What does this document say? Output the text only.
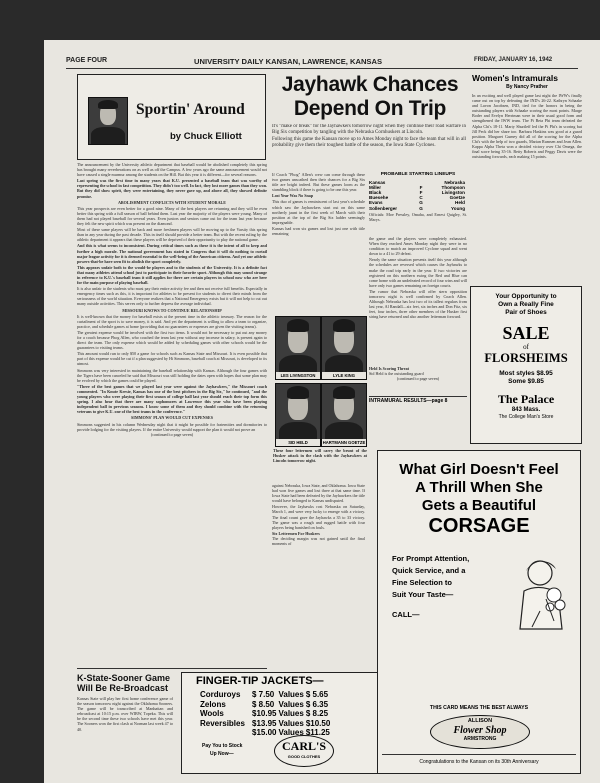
PAGE FOUR	UNIVERSITY DAILY KANSAN, LAWRENCE, KANSAS	FRIDAY, JANUARY 16, 1942
Sportin' Around
by Chuck Elliott

The announcement by the University athletic department that baseball would be abolished completely this spring has brought many reverberations on as well as off the Campus. A few years ago the same announcement would not have caused a single murmur among the students on the Hill. But this year it is different—for several reasons.

Last spring was the first time in many years that K.U. presented a baseball team that was worthy of representing the school in fast competition. They didn't too well. In fact, they lost more games than they won. But they did show spirit, they were entertaining, they never gave up, and above all, they showed definite promise.

ABOLISHMENT CONFLICTS WITH STUDENT MORALE

This year prospects are even better for a good nine. Many of the best players are returning and they will be even better this spring with a full season of ball behind them. Last year the majority of the players were young. Many of them had not played baseball for several years. Even juniors and seniors came out for the team last year because they felt the new spirit which was present on the diamond.

Most of these same players will be back and more freshmen players will be moving up to the Varsity this spring than in any year during the past decade. This in itself should provide a better team. But with the recent ruling by the athletic department it appears that these players will be deprived of their opportunity to play the national game.

And this is what seems to inconsistent. During critical times such as these it is the intent of all to keep and further a high morale. The national government has stated in Congress that it will do nothing to curtail major league activity for it is deemed essential to the well-being of the American citizens. And yet our athletic powers-that-be have seen fit to abolish the sport completely.

This appears unfair both to the would-be players and to the students of the University. It is a definite fact that many athletes attend school just to participate in their favorite sport. Although this may sound strange in reference to K.U.'s baseball team it still applies for there are certain players in school now who are here for the main purpose of playing baseball.

It is also unfair to the students who must pay their entire activity fee and then not receive full benefits. Especially in emergency times such as this, it is important for athletes to be present for students to divert their minds from the seriousness of the world situation. Everyone realizes that a National Emergency exists but it will not help to cut out many outside activities. This serves only to further depress the average individual.

MISSOURI KNOWS TO CONTINUE RELATIONSHIP

It is well-known that the money for baseball exists at the present time in the athletic treasury. The reason for the curtailment of the sport is to save money, it is said. And yet the department is willing to allow a team to organize, practice, and schedule games at home (providing that no guarantees or expenses are given the visiting teams).

The greatest expense would be involved with the first two items. It would not be necessary to put out any money for a coach because Phog Allen, who coached the team last year without any increase in salary, is present again to direct the team. The only expense which would be added by scheduling games with other schools would be the guarantees to visiting teams.

This amount would run to only $50 a game for schools such as Kansas State and Missouri. It is even possible that part of this expense would be cut if a plan suggested by Hi Simmons, baseball coach at Missouri, is developed to its utmost.

Simmons was very interested in maintaining the baseball relationship with Kansas. Although the four games with the Tigers have been canceled he said that Missouri was still holding the dates open with hopes that some plan may be evolved by which the games could be played.

"Three of the best games that we played last year were against the Jayhawkers," the Missouri coach commented. "In Knute Kresie, Kansas has one of the best pitchers in the Big Six," he continued, "and the young players who were playing their first season of college ball last year should reach their top form this spring. I also hear that there are many sophomores at Lawrence this year who have been playing independent ball in previous seasons. I know some of them and they should combine with the returning veterans to give K.U. one of the best teams in the conference."

SIMMONS' PLAN WOULD CUT EXPENSES

Simmons suggested in his column Wednesday night that it might be possible for fraternities and dormitories to provide lodging for the visiting players. If the entire University would support the plan it would not prove an

(continued to page seven)

K-State-Sooner Game Will Be Re-Broadcast
Kansas State will play her first home conference game of the season tomorrow night against the Oklahoma Sooners. The game will be transcribed at Manhattan and rebroadcast at 10:15 p.m. over WIBW, Topeka. This will be the second time these two schools have met this year. The Sooners won the first clash at Norman last week 47 to 40.
FINGER-TIP JACKETS—
Corduroys	$ 7.50	Values	$ 5.65
Zelons	$ 8.50	Values	$ 6.35
Wools	$10.95	Values	$ 8.25
Reversibles	$13.95	Values	$10.50
	$15.00	Values	$11.25
Pay You to Stock
Up Now—
CARL'S
GOOD CLOTHES
Jayhawk Chances Depend On Trip

It's "make or break" for the Jayhawkers tomorrow night when they continue their road warfare in Big Six competition by tangling with the Nebraska Cornhuskers at Lincoln.

Following this game the Kansan move up to Ames Monday night to face the team that will in all probability give them their toughest battle of the season, the Iowa State Cyclones.

If Coach "Phog" Allen's crew can come through these two games unscathed then their chances for a Big Six title are bright indeed. But these games loom as the stumbling block if there is going to be one this year.

Lost Year Was No Snap

This duo of games is reminiscent of last year's schedule which saw the Jayhawkers start out on this same northerly jaunt in the first week of March with their position at the top of the Big Six ladder seemingly impregnable.

Kansas had won six games and lost just one with title remaining

PROBABLE STARTING LINEUPS
Kansas		Nebraska
Miller	F	Thompson
Black	F	Livingston
Buesehe	C	Goetze
Evans	G	Held
Sollenberger	G	Young
Officials: Moe Pressley, Omaha, and Ernest Quigley, St. Marys.

the game and the players were completely exhausted. When they reached Ames Monday night they were in no condition to match an improved Cyclone squad and went down to a 41 to 29 defeat.

Nearly the same situation presents itself this year although the schedules are reversed which causes the Jayhawks to make the road trip early in the year. If two victories are registered on this northern swing the Red and Blue can come home with an undefeated record of four wins and will have only two games remaining on foreign courts.

The rumor that Nebraska will offer stern opposition tomorrow night is well confirmed by Coach Allen. Although Nebraska has lost two of its tallest regulars from last year, Al Randall—six feet, six inches and Don Fitz, six feet, four inches, three other members of the Husker first string have returned and also another letterman forward.

Held Is Scoring Threat

Sid Held is the outstanding guard

(continued to page seven)

INTRAMURAL RESULTS—page 8
LES LIVINGSTON	LYLE KING
SID HELD	HARTMANN GOETZE
These four lettermen will carry the brunt of the Husker attack in the clash with the Jayhawkers at Lincoln tomorrow night.

against Nebraska, Iowa State, and Oklahoma. Iowa State had won five games and lost three at that same time. If Iowa State had been defeated by the Jayhawkers the title would have belonged to Kansas undisputed.

However, the Jayhawks rost Nebraska on Saturday, March 1, and were very lucky to emerge with a victory. The final count gave the Jayhawks a 35 to 33 victory. The game was a rough and rugged battle with four players being banished on fouls.

Six Lettermen For Huskers

The deciding margin was not gained until the final moments of

Women's Intramurals
By Nancy Prather
In an exciting and well played game last night the IWW's finally came out on top by defeating the IND's 26-22. Kathryn Schaake and Lavon Jacobsen, IND, tied for the honors in being the outstanding players with Schaake scoring the most points. Marge Boder and Evelyn Herriman were in their usual good form and strengthened the IWW team. The Pi Beta Phi team defeated the Alpha Chi's 18-11. Marty Shurtleff led the Pi Phi's in scoring but Jill Peck did her share too. Barbara Haskins was good at a guard position. Margaret Gurney did all of the scoring for the Alpha Chi's with the help of two guards, Marian Rumsen and Jean Allen. Kappa Alpha Theta won a decided victory over Chi Omega, the final score being 35-16. Betty Roberts and Peggy Davis were the outstanding forwards, each making 15 points.
Your Opportunity to
Own a Really Fine
Pair of Shoes
SALE
of
FLORSHEIMS
Most styles $8.95
Some $9.85
The Palace
843 Mass.
The College Man's Store
What Girl Doesn't Feel
A Thrill When She
Gets a Beautiful
CORSAGE
For Prompt Attention,
Quick Service, and a
Fine Selection to
Suit Your Taste—
CALL—
THIS CARD MEANS THE BEST ALWAYS
ALLISON
Flower Shop
ARMSTRONG
Congratulations to the Kansan on its 30th Anniversary
